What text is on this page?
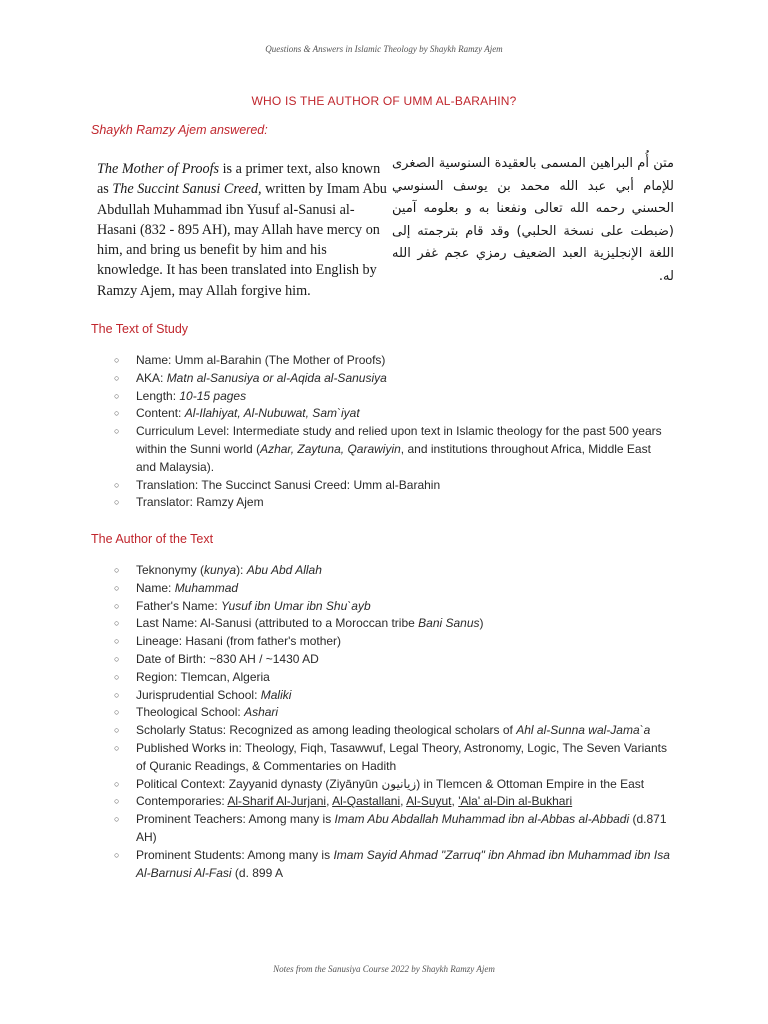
Questions & Answers in Islamic Theology by Shaykh Ramzy Ajem
WHO IS THE AUTHOR OF UMM AL-BARAHIN?
Shaykh Ramzy Ajem answered:
The Mother of Proofs is a primer text, also known as The Succint Sanusi Creed, written by Imam Abu Abdullah Muhammad ibn Yusuf al-Sanusi al-Hasani (832 - 895 AH), may Allah have mercy on him, and bring us benefit by him and his knowledge. It has been translated into English by Ramzy Ajem, may Allah forgive him.
متن أُم البراهين المسمى بالعقيدة السنوسية الصغرى للإمام أبي عبد الله محمد بن يوسف السنوسي الحسني رحمه الله تعالى ونفعنا به و بعلومه آمين (ضبطت على نسخة الحلبي) وقد قام بترجمته إلى اللغة الإنجليزية العبد الضعيف رمزي عجم غفر الله له.
The Text of Study
○ Name: Umm al-Barahin (The Mother of Proofs)
○ AKA: Matn al-Sanusiya or al-Aqida al-Sanusiya
○ Length: 10-15 pages
○ Content: Al-Ilahiyat, Al-Nubuwat, Sam`iyat
○ Curriculum Level: Intermediate study and relied upon text in Islamic theology for the past 500 years within the Sunni world (Azhar, Zaytuna, Qarawiyin, and institutions throughout Africa, Middle East and Malaysia).
○ Translation: The Succinct Sanusi Creed: Umm al-Barahin
○ Translator: Ramzy Ajem
The Author of the Text
○ Teknonymy (kunya): Abu Abd Allah
○ Name: Muhammad
○ Father's Name: Yusuf ibn Umar ibn Shu`ayb
○ Last Name: Al-Sanusi (attributed to a Moroccan tribe Bani Sanus)
○ Lineage: Hasani (from father's mother)
○ Date of Birth: ~830 AH / ~1430 AD
○ Region: Tlemcan, Algeria
○ Jurisprudential School: Maliki
○ Theological School: Ashari
○ Scholarly Status: Recognized as among leading theological scholars of Ahl al-Sunna wal-Jama`a
○ Published Works in: Theology, Fiqh, Tasawwuf, Legal Theory, Astronomy, Logic, The Seven Variants of Quranic Readings, & Commentaries on Hadith
○ Political Context: Zayyanid dynasty (Ziyānyūn زيانيون) in Tlemcen & Ottoman Empire in the East
○ Contemporaries: Al-Sharif Al-Jurjani, Al-Qastallani, Al-Suyut, 'Ala' al-Din al-Bukhari
○ Prominent Teachers: Among many is Imam Abu Abdallah Muhammad ibn al-Abbas al-Abbadi (d.871 AH)
○ Prominent Students: Among many is Imam Sayid Ahmad "Zarruq" ibn Ahmad ibn Muhammad ibn Isa Al-Barnusi Al-Fasi (d. 899 A
Notes from the Sanusiya Course 2022 by Shaykh Ramzy Ajem
